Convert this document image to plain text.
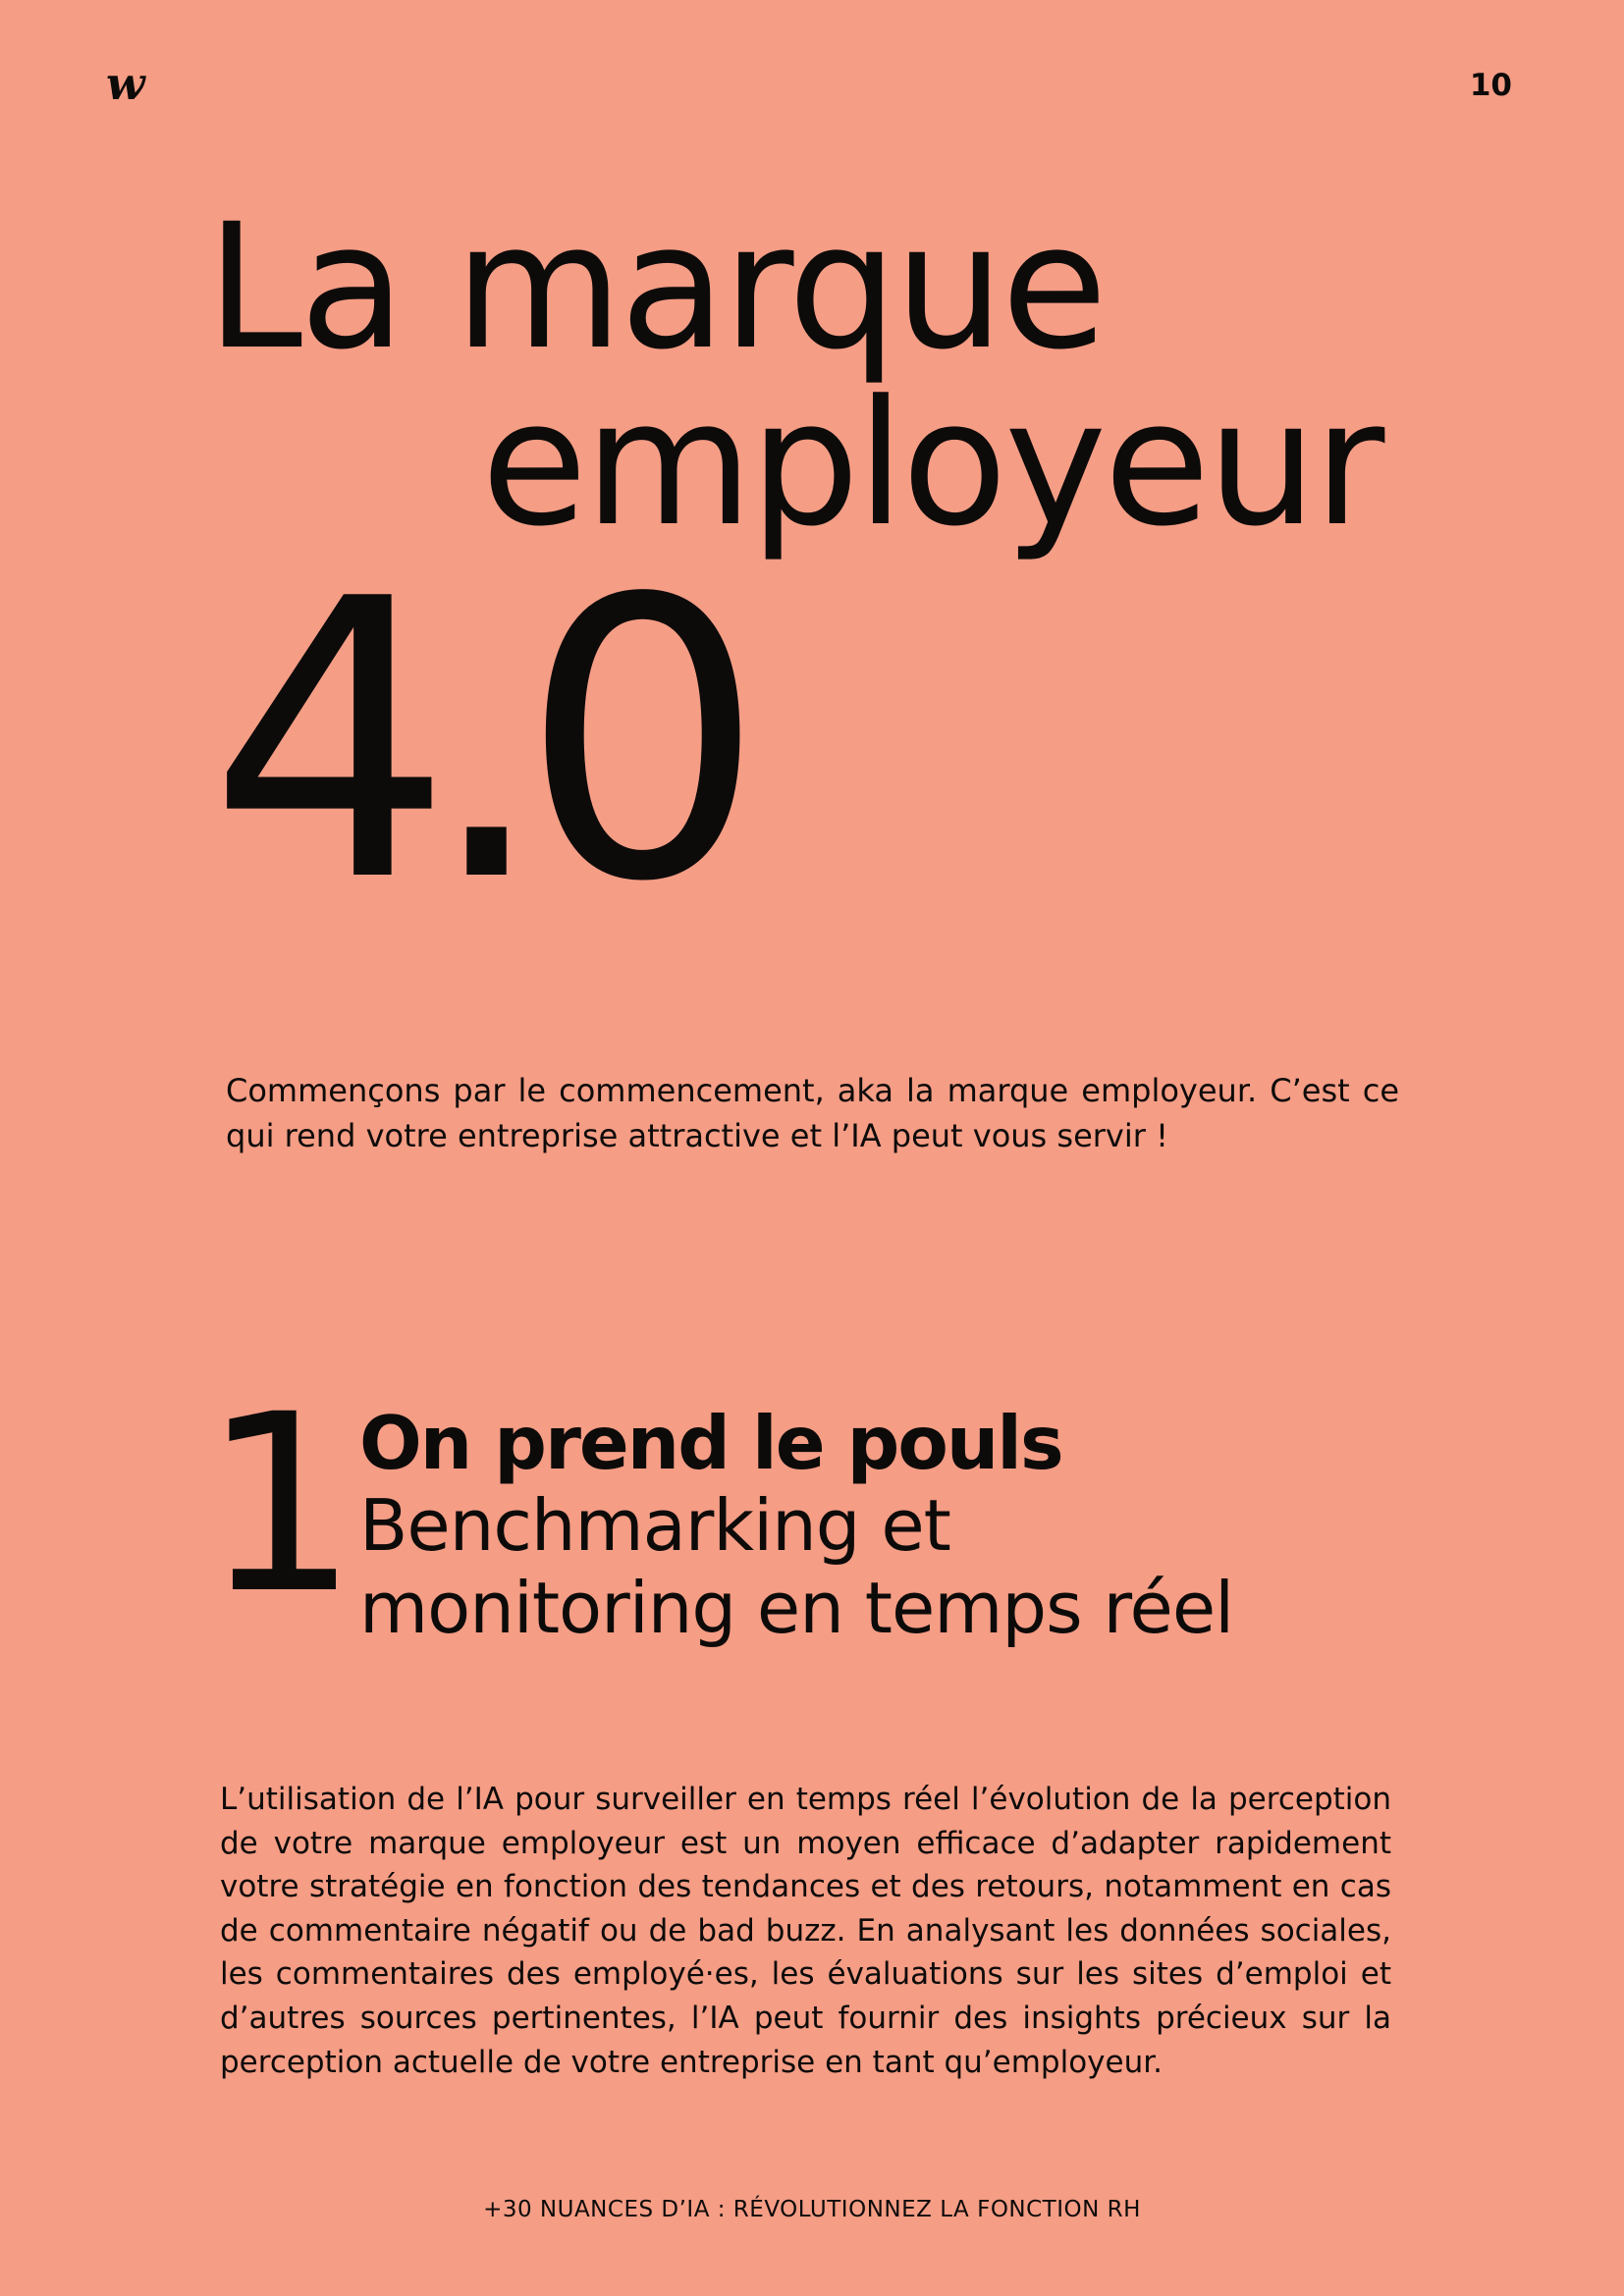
w	10
La marque
employeur
4.0

Commençons par le commencement, aka la marque employeur. C’est ce qui rend votre entreprise attractive et l’IA peut vous servir !

1 On prend le pouls
Benchmarking et monitoring en temps réel

L’utilisation de l’IA pour surveiller en temps réel l’évolution de la perception de votre marque employeur est un moyen efficace d’adapter rapidement votre stratégie en fonction des tendances et des retours, notamment en cas de commentaire négatif ou de bad buzz. En analysant les données sociales, les commentaires des employé·es, les évaluations sur les sites d’emploi et d’autres sources pertinentes, l’IA peut fournir des insights précieux sur la perception actuelle de votre entreprise en tant qu’employeur.

+30 NUANCES D’IA : RÉVOLUTIONNEZ LA FONCTION RH
